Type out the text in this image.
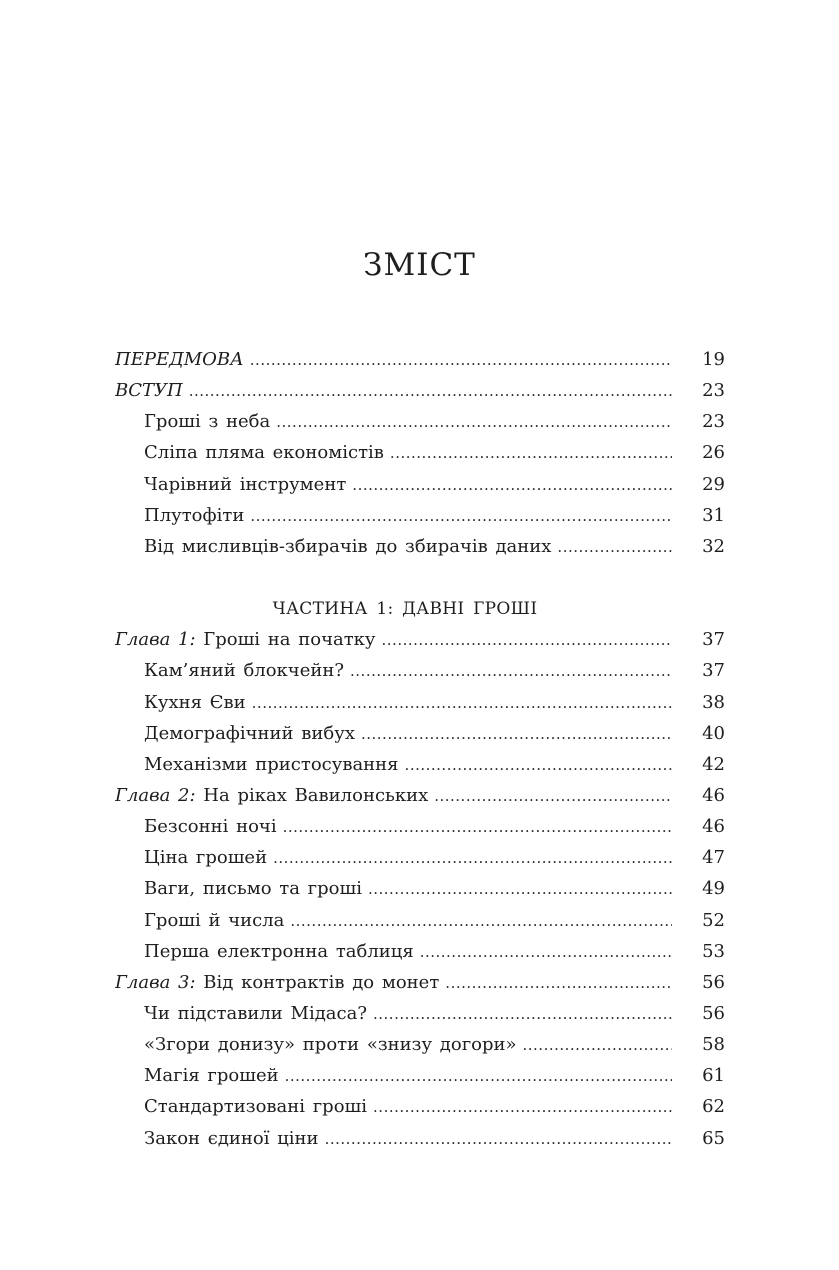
ЗМІСТ
ПЕРЕДМОВА .....	19
ВСТУП .....	23
Гроші з неба .....	23
Сліпа пляма економістів .....	26
Чарівний інструмент .....	29
Плутофіти .....	31
Від мисливців-збирачів до збирачів даних .....	32
ЧАСТИНА 1: ДАВНІ ГРОШІ
Глава 1: Гроші на початку .....	37
Кам’яний блокчейн? .....	37
Кухня Єви .....	38
Демографічний вибух .....	40
Механізми пристосування .....	42
Глава 2: На ріках Вавилонських .....	46
Безсонні ночі .....	46
Ціна грошей .....	47
Ваги, письмо та гроші .....	49
Гроші й числа .....	52
Перша електронна таблиця .....	53
Глава 3: Від контрактів до монет .....	56
Чи підставили Мідаса? .....	56
«Згори донизу» проти «знизу догори» .....	58
Магія грошей .....	61
Стандартизовані гроші .....	62
Закон єдиної ціни .....	65
